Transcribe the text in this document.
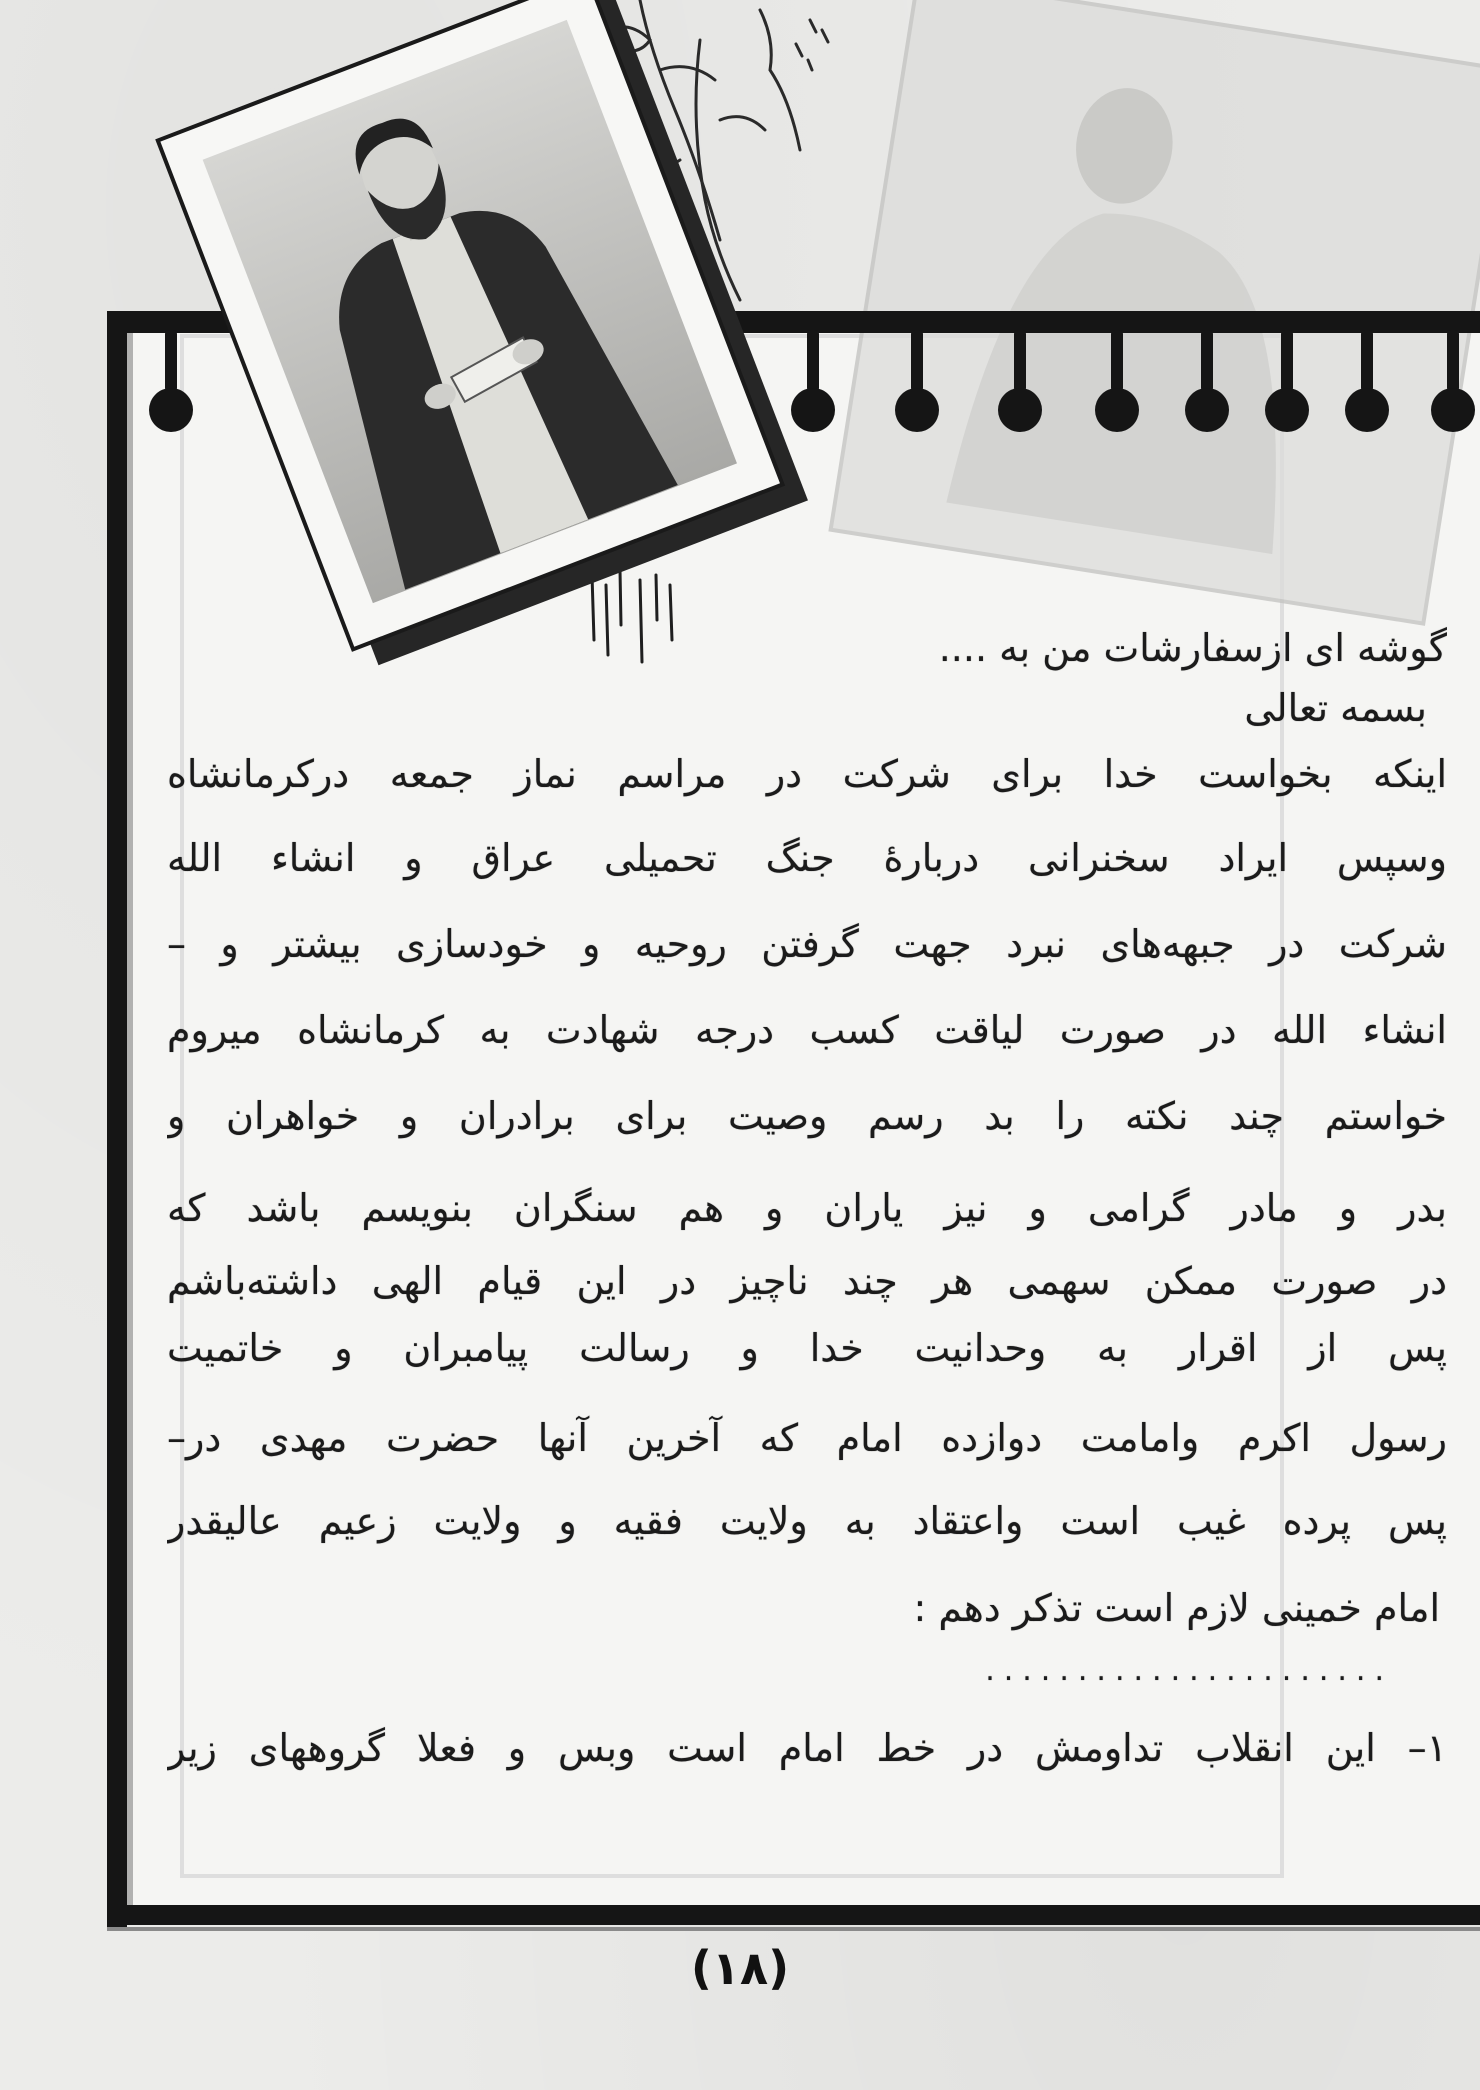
گوشه ای ازسفارشات من به ....
بسمه تعالی
اینکه بخواست خدا برای شرکت در مراسم نماز جمعه درکرمانشاه
وسپس ایراد سخنرانی دربارهٔ جنگ تحمیلی عراق و انشاء الله
شرکت در جبهه‌های نبرد جهت گرفتن روحیه و خودسازی بیشتر و –
انشاء الله در صورت لیاقت کسب درجه شهادت به کرمانشاه میروم
خواستم چند نکته را بد رسم وصیت برای برادران و خواهران و
بدر و مادر گرامی و نیز یاران و هم سنگران بنویسم باشد که
در صورت ممکن سهمی هر چند ناچیز در این قیام الهی داشته‌باشم
پس از اقرار به وحدانیت خدا و رسالت پیامبران و خاتمیت
رسول اکرم وامامت دوازده امام که آخرین آنها حضرت مهدی در–
پس پرده غیب است واعتقاد به ولایت فقیه و ولایت زعیم عالیقدر
امام خمینی لازم است تذکر دهم :
......................
۱– این انقلاب تداومش در خط امام است وبس و فعلا گروههای زیر
(۱۸)
